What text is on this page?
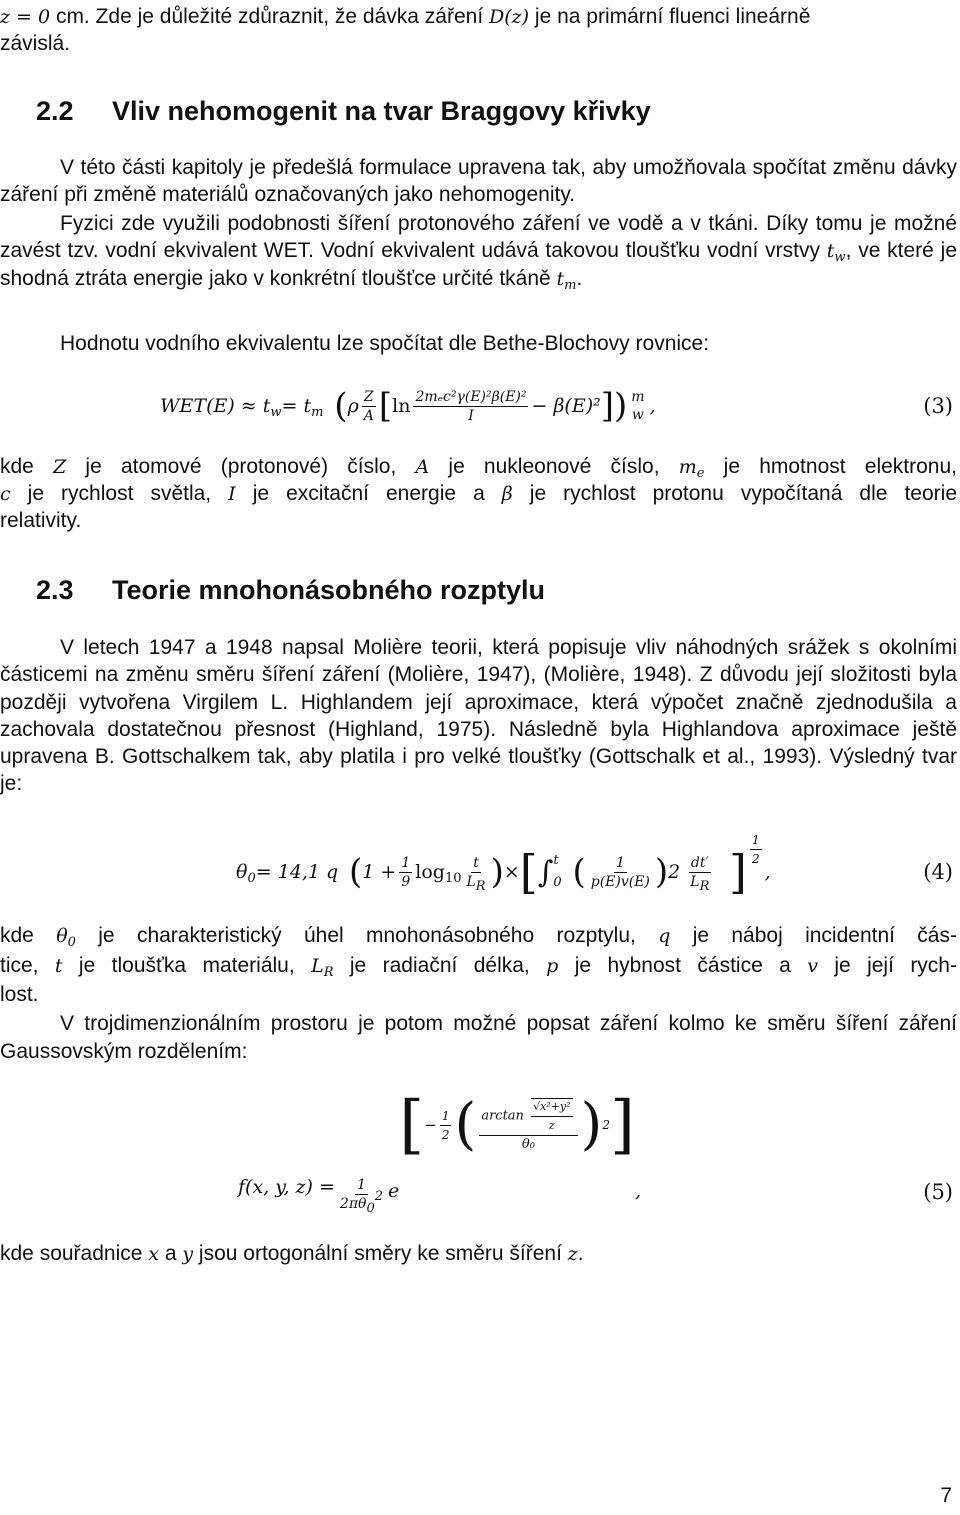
z = 0 cm. Zde je důležité zdůraznit, že dávka záření D(z) je na primární fluenci lineárně
závislá.
2.2 Vliv nehomogenit na tvar Braggovy křivky
V této části kapitoly je předešlá formulace upravena tak, aby umožňovala spočítat změnu dávky záření při změně materiálů označovaných jako nehomogenity.
Fyzici zde využili podobnosti šíření protonového záření ve vodě a v tkáni. Díky tomu je možné zavést tzv. vodní ekvivalent WET. Vodní ekvivalent udává takovou tloušťku vodní vrstvy $t_w$, ve které je shodná ztráta energie jako v konkrétní tloušťce určité tkáně $t_m$.
Hodnotu vodního ekvivalentu lze spočítat dle Bethe-Blochovy rovnice:
$WET(E) \approx t_w = t_m$ ( ρ $\frac{Z}{A}$ [ $\ln \frac{\text{2mₑc²γ(E)²β(E)²}}{I} - \beta(E)^2$ ]) m
w ,	(3)
kde Z je atomové (protonové) číslo, A je nukleonové číslo, $m_e$ je hmotnost elektronu,
c je rychlost světla, I je excitační energie a β je rychlost protonu vypočítaná dle teorie
relativity.
2.3 Teorie mnohonásobného rozptylu
V letech 1947 a 1948 napsal Molière teorii, která popisuje vliv náhodných srážek s okolními částicemi na změnu směru šíření záření (Molière, 1947), (Molière, 1948). Z důvodu její složitosti byla později vytvořena Virgilem L. Highlandem její aproximace, která výpočet značně zjednodušila a zachovala dostatečnou přesnost (Highland, 1975). Následně byla Highlandova aproximace ještě upravena B. Gottschalkem tak, aby platila i pro velké tloušťky (Gottschalk et al., 1993). Výsledný tvar je:
$\theta_0 = 14,1$ q ( $1 + \frac{1}{9} \log_{10} \frac{t}{L_R}$ ) × [ ∫ t
0 ( $\frac{1}{p(E)v(E)}$ ) $2 \frac{dt'}{L_R}$ ] $\frac{1}{2}$
,	(4)
kde $\theta_0$ je charakteristický úhel mnohonásobného rozptylu, q je náboj incidentní čás-
tice, t je tloušťka materiálu, $L_R$ je radiační délka, p je hybnost částice a v je její rych-
lost.
V trojdimenzionálním prostoru je potom možné popsat záření kolmo ke směru šíření záření Gaussovským rozdělením:
f(x, y, $z) = \frac{1}{2\pi\theta_0^2}$ e
[ − $\frac{1}{2}$ ( $\frac{\arctan \frac{\text{√x²+y²}}{z}}{\text{θ₀}}$ ) 2 ]
,	(5)
kde souřadnice x a y jsou ortogonální směry ke směru šíření z.
7
